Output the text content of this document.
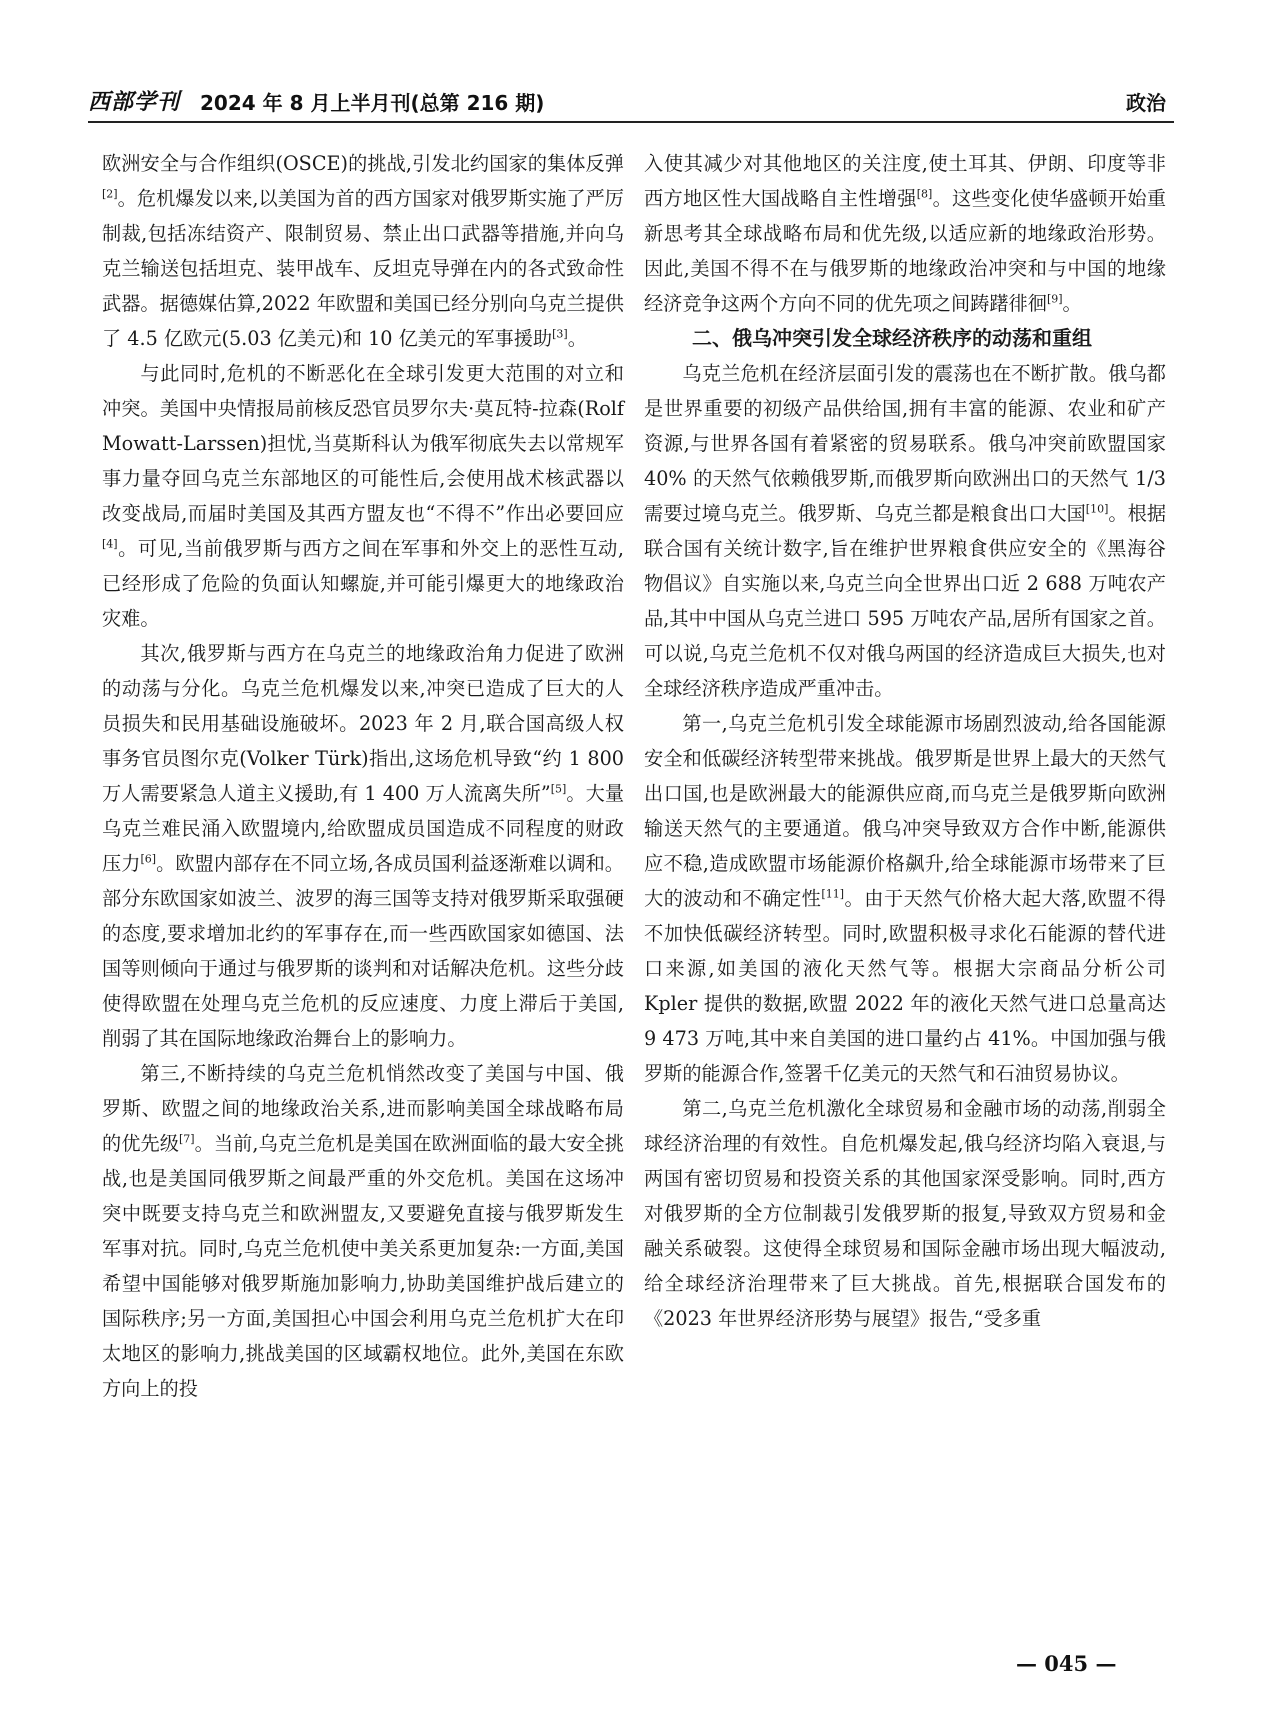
西部学刊 2024 年 8 月上半月刊(总第 216 期)	政治

欧洲安全与合作组织(OSCE)的挑战,引发北约国家的集体反弹[2]。危机爆发以来,以美国为首的西方国家对俄罗斯实施了严厉制裁,包括冻结资产、限制贸易、禁止出口武器等措施,并向乌克兰输送包括坦克、装甲战车、反坦克导弹在内的各式致命性武器。据德媒估算,2022 年欧盟和美国已经分别向乌克兰提供了 4.5 亿欧元(5.03 亿美元)和 10 亿美元的军事援助[3]。

与此同时,危机的不断恶化在全球引发更大范围的对立和冲突。美国中央情报局前核反恐官员罗尔夫·莫瓦特-拉森(Rolf Mowatt-Larssen)担忧,当莫斯科认为俄军彻底失去以常规军事力量夺回乌克兰东部地区的可能性后,会使用战术核武器以改变战局,而届时美国及其西方盟友也“不得不”作出必要回应[4]。可见,当前俄罗斯与西方之间在军事和外交上的恶性互动,已经形成了危险的负面认知螺旋,并可能引爆更大的地缘政治灾难。

其次,俄罗斯与西方在乌克兰的地缘政治角力促进了欧洲的动荡与分化。乌克兰危机爆发以来,冲突已造成了巨大的人员损失和民用基础设施破坏。2023 年 2 月,联合国高级人权事务官员图尔克(Volker Türk)指出,这场危机导致“约 1 800 万人需要紧急人道主义援助,有 1 400 万人流离失所”[5]。大量乌克兰难民涌入欧盟境内,给欧盟成员国造成不同程度的财政压力[6]。欧盟内部存在不同立场,各成员国利益逐渐难以调和。部分东欧国家如波兰、波罗的海三国等支持对俄罗斯采取强硬的态度,要求增加北约的军事存在,而一些西欧国家如德国、法国等则倾向于通过与俄罗斯的谈判和对话解决危机。这些分歧使得欧盟在处理乌克兰危机的反应速度、力度上滞后于美国,削弱了其在国际地缘政治舞台上的影响力。

第三,不断持续的乌克兰危机悄然改变了美国与中国、俄罗斯、欧盟之间的地缘政治关系,进而影响美国全球战略布局的优先级[7]。当前,乌克兰危机是美国在欧洲面临的最大安全挑战,也是美国同俄罗斯之间最严重的外交危机。美国在这场冲突中既要支持乌克兰和欧洲盟友,又要避免直接与俄罗斯发生军事对抗。同时,乌克兰危机使中美关系更加复杂:一方面,美国希望中国能够对俄罗斯施加影响力,协助美国维护战后建立的国际秩序;另一方面,美国担心中国会利用乌克兰危机扩大在印太地区的影响力,挑战美国的区域霸权地位。此外,美国在东欧方向上的投

入使其减少对其他地区的关注度,使土耳其、伊朗、印度等非西方地区性大国战略自主性增强[8]。这些变化使华盛顿开始重新思考其全球战略布局和优先级,以适应新的地缘政治形势。因此,美国不得不在与俄罗斯的地缘政治冲突和与中国的地缘经济竞争这两个方向不同的优先项之间踌躇徘徊[9]。

二、俄乌冲突引发全球经济秩序的动荡和重组

乌克兰危机在经济层面引发的震荡也在不断扩散。俄乌都是世界重要的初级产品供给国,拥有丰富的能源、农业和矿产资源,与世界各国有着紧密的贸易联系。俄乌冲突前欧盟国家 40% 的天然气依赖俄罗斯,而俄罗斯向欧洲出口的天然气 1/3 需要过境乌克兰。俄罗斯、乌克兰都是粮食出口大国[10]。根据联合国有关统计数字,旨在维护世界粮食供应安全的《黑海谷物倡议》自实施以来,乌克兰向全世界出口近 2 688 万吨农产品,其中中国从乌克兰进口 595 万吨农产品,居所有国家之首。可以说,乌克兰危机不仅对俄乌两国的经济造成巨大损失,也对全球经济秩序造成严重冲击。

第一,乌克兰危机引发全球能源市场剧烈波动,给各国能源安全和低碳经济转型带来挑战。俄罗斯是世界上最大的天然气出口国,也是欧洲最大的能源供应商,而乌克兰是俄罗斯向欧洲输送天然气的主要通道。俄乌冲突导致双方合作中断,能源供应不稳,造成欧盟市场能源价格飙升,给全球能源市场带来了巨大的波动和不确定性[11]。由于天然气价格大起大落,欧盟不得不加快低碳经济转型。同时,欧盟积极寻求化石能源的替代进口来源,如美国的液化天然气等。根据大宗商品分析公司 Kpler 提供的数据,欧盟 2022 年的液化天然气进口总量高达 9 473 万吨,其中来自美国的进口量约占 41%。中国加强与俄罗斯的能源合作,签署千亿美元的天然气和石油贸易协议。

第二,乌克兰危机激化全球贸易和金融市场的动荡,削弱全球经济治理的有效性。自危机爆发起,俄乌经济均陷入衰退,与两国有密切贸易和投资关系的其他国家深受影响。同时,西方对俄罗斯的全方位制裁引发俄罗斯的报复,导致双方贸易和金融关系破裂。这使得全球贸易和国际金融市场出现大幅波动,给全球经济治理带来了巨大挑战。首先,根据联合国发布的《2023 年世界经济形势与展望》报告,“受多重

— 045 —
